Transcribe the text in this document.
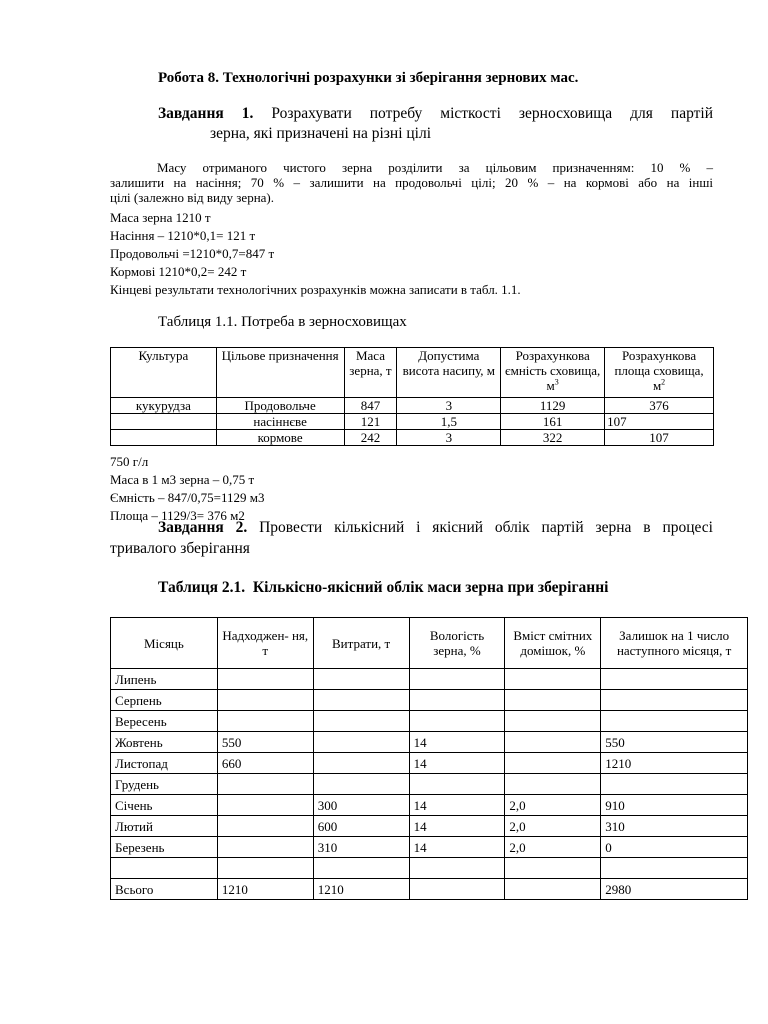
Робота 8. Технологічні розрахунки зі зберігання зернових мас.
Завдання 1. Розрахувати потребу місткості зерносховища для партій
зерна, які призначені на різні цілі
Масу отриманого чистого зерна розділити за цільовим призначенням: 10 % –
залишити на насіння; 70 % – залишити на продовольчі цілі; 20 % – на кормові або на інші
цілі (залежно від виду зерна).
Маса зерна 1210 т
Насіння – 1210*0,1= 121 т
Продовольчі =1210*0,7=847 т
Кормові 1210*0,2= 242 т
Кінцеві результати технологічних розрахунків можна записати в табл. 1.1.
Таблиця 1.1. Потреба в зерносховищах
Культура	Цільове призначення	Маса зерна, т	Допустима висота насипу, м	Розрахункова ємність сховища, $м^3$	Розрахункова площа сховища, $м^2$
кукурудза	Продовольче	847	3	1129	376
	насіннєве	121	1,5	161	107
	кормове	242	3	322	107
750 г/л
Маса в 1 м3 зерна – 0,75 т
Ємність – 847/0,75=1129 м3
Площа – 1129/3= 376 м2
Завдання 2. Провести кількісний і якісний облік партій зерна в процесі
тривалого зберігання
Таблиця 2.1.  Кількісно-якісний облік маси зерна при зберіганні
Місяць	Надходжен- ня, т	Витрати, т	Вологість зерна, %	Вміст смітних домішок, %	Залишок на 1 число наступного місяця, т
Липень					
Серпень					
Вересень					
Жовтень	550		14		550
Листопад	660		14		1210
Грудень					
Січень		300	14	2,0	910
Лютий		600	14	2,0	310
Березень		310	14	2,0	0

Всього	1210	1210			2980
